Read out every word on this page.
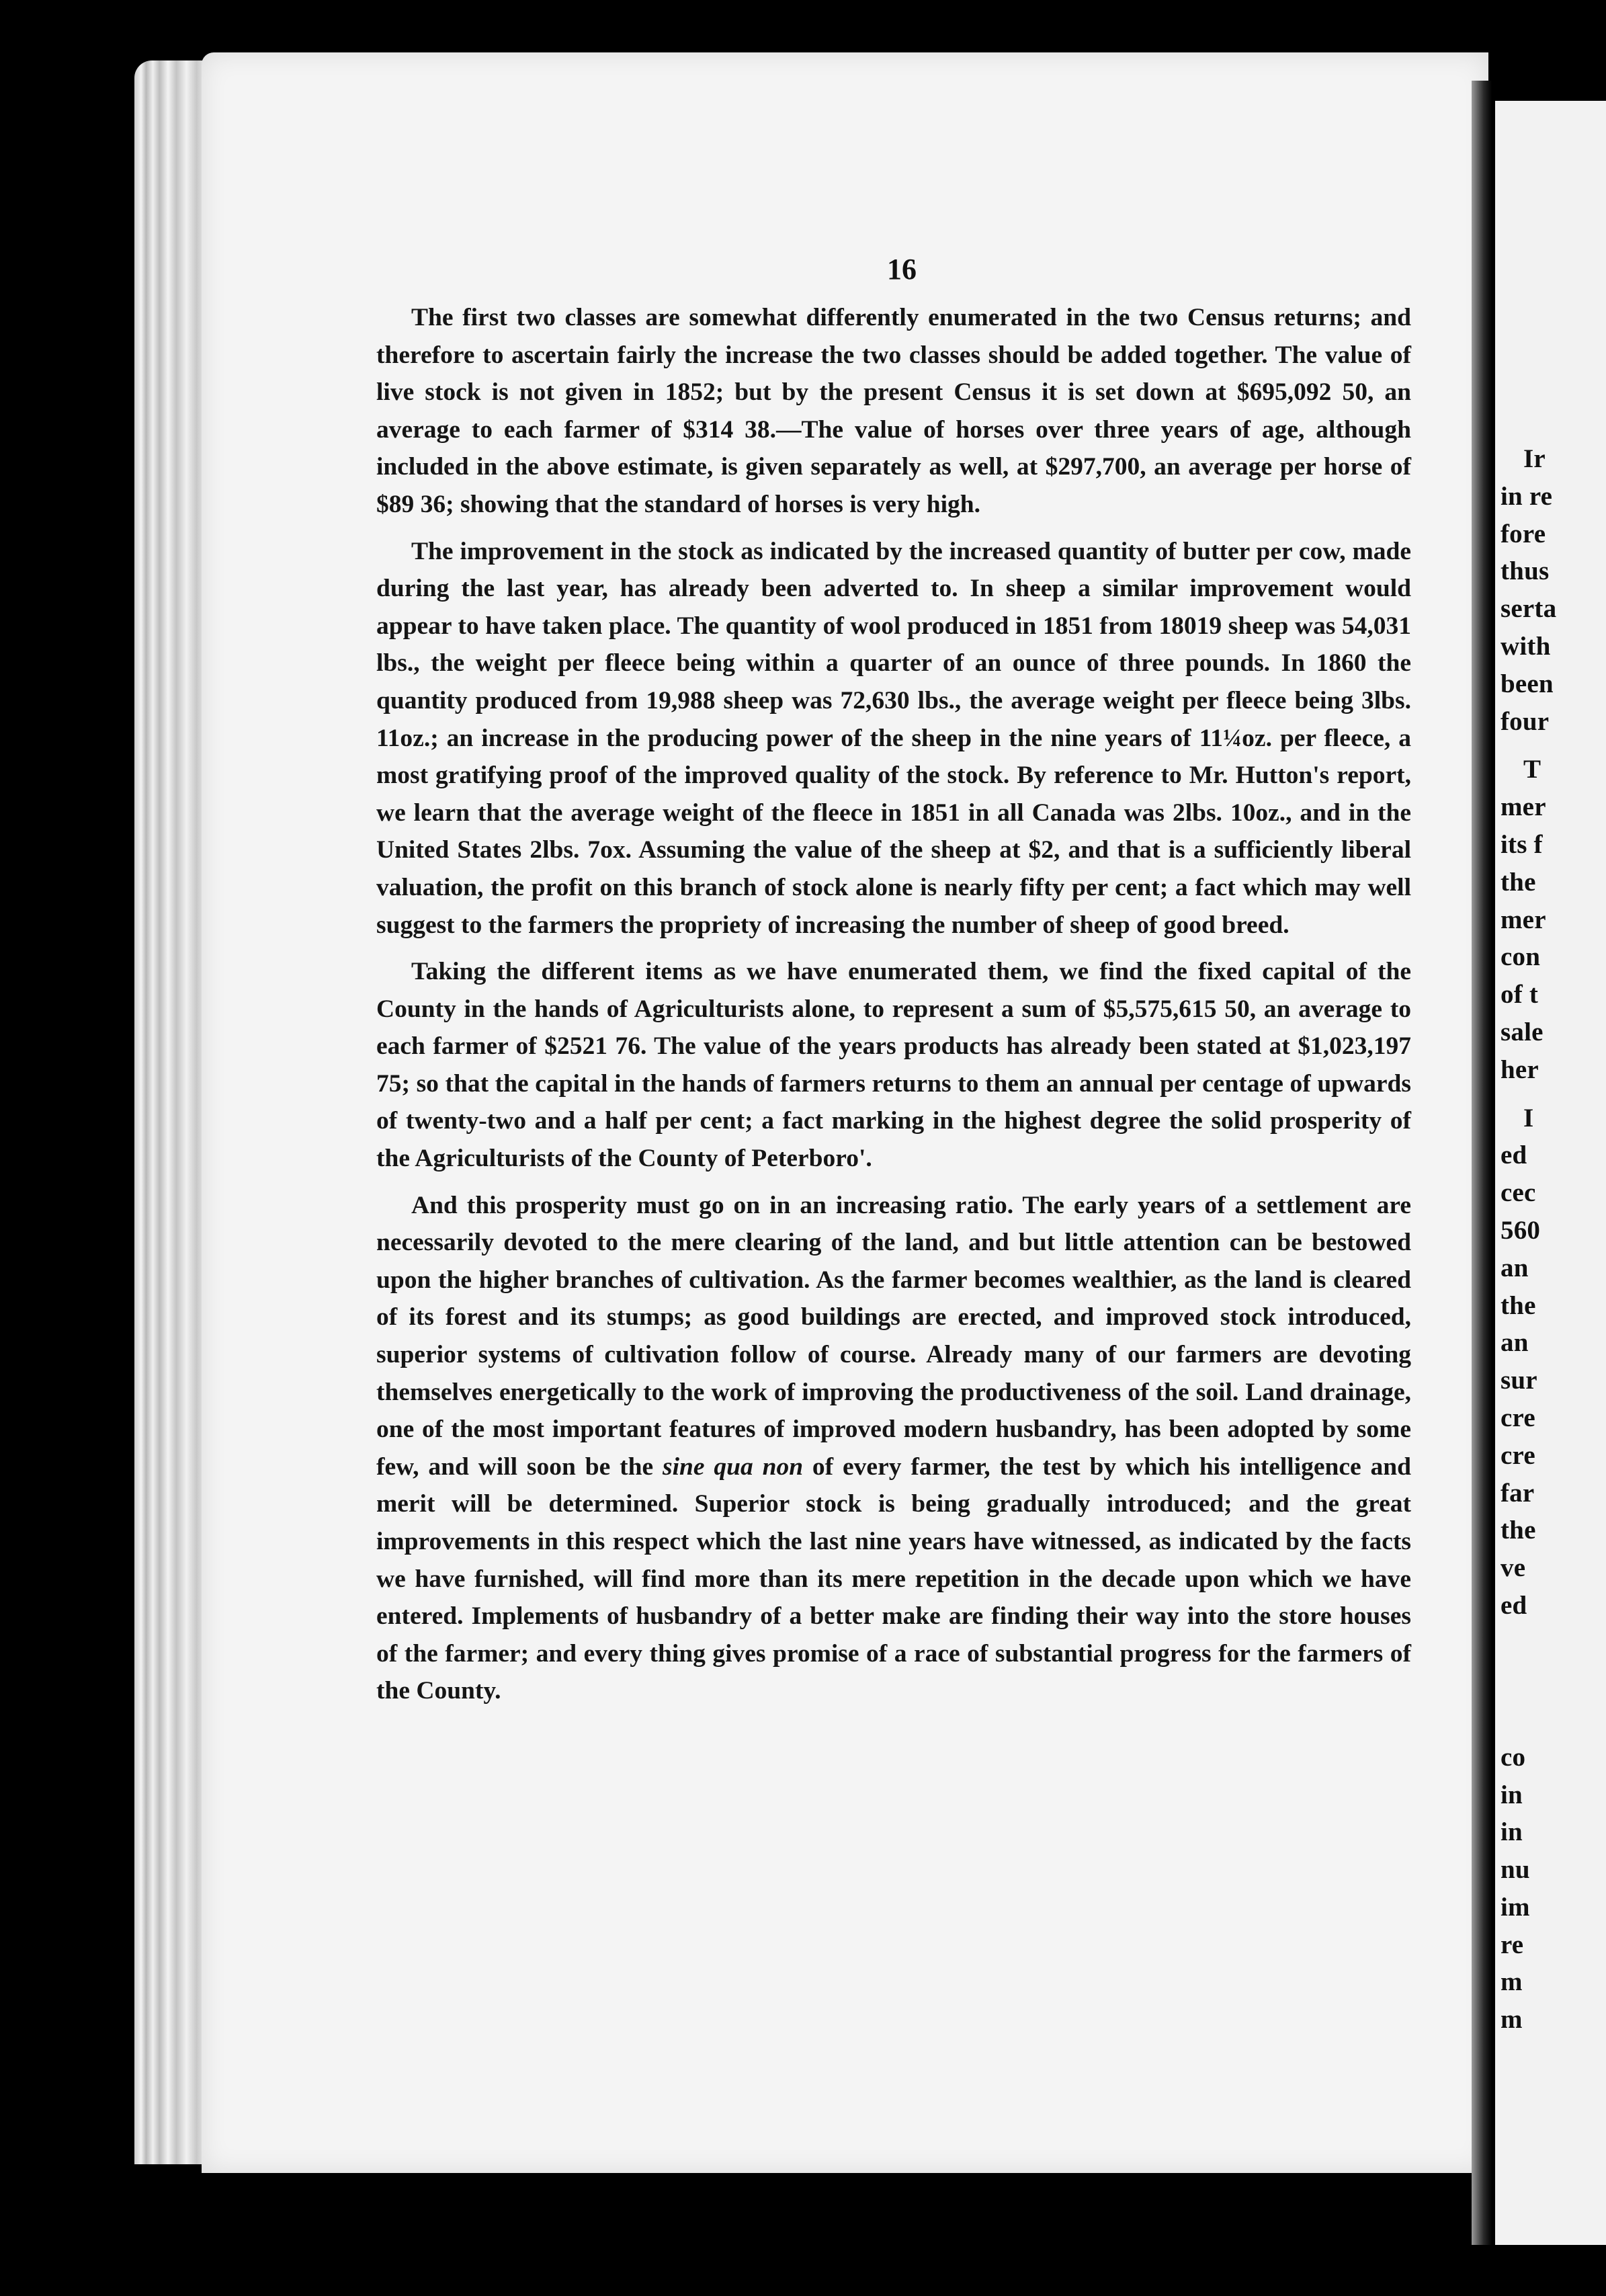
Ir
in re
fore
thus
serta
with
been
four
T
mer
its f
the
mer
con
of t
sale
her
I
ed
cec
560
an
the
an
sur
cre
cre
far
the
ve
ed
co
in
in
nu
im
re
m
m
16

The first two classes are somewhat differently enumerated in the two Census returns; and therefore to ascertain fairly the increase the two classes should be added together. The value of live stock is not given in 1852; but by the present Census it is set down at $695,092 50, an average to each farmer of $314 38.—The value of horses over three years of age, although included in the above estimate, is given separately as well, at $297,700, an average per horse of $89 36; showing that the standard of horses is very high.

The improvement in the stock as indicated by the increased quantity of butter per cow, made during the last year, has already been adverted to. In sheep a similar improvement would appear to have taken place. The quantity of wool produced in 1851 from 18019 sheep was 54,031 lbs., the weight per fleece being within a quarter of an ounce of three pounds. In 1860 the quantity produced from 19,988 sheep was 72,630 lbs., the average weight per fleece being 3lbs. 11oz.; an increase in the producing power of the sheep in the nine years of 11¼oz. per fleece, a most gratifying proof of the improved quality of the stock. By reference to Mr. Hutton's report, we learn that the average weight of the fleece in 1851 in all Canada was 2lbs. 10oz., and in the United States 2lbs. 7ox. Assuming the value of the sheep at $2, and that is a sufficiently liberal valuation, the profit on this branch of stock alone is nearly fifty per cent; a fact which may well suggest to the farmers the propriety of increasing the number of sheep of good breed.

Taking the different items as we have enumerated them, we find the fixed capital of the County in the hands of Agriculturists alone, to represent a sum of $5,575,615 50, an average to each farmer of $2521 76. The value of the years products has already been stated at $1,023,197 75; so that the capital in the hands of farmers returns to them an annual per centage of upwards of twenty-two and a half per cent; a fact marking in the highest degree the solid prosperity of the Agriculturists of the County of Peterboro'.

And this prosperity must go on in an increasing ratio. The early years of a settlement are necessarily devoted to the mere clearing of the land, and but little attention can be bestowed upon the higher branches of cultivation. As the farmer becomes wealthier, as the land is cleared of its forest and its stumps; as good buildings are erected, and improved stock introduced, superior systems of cultivation follow of course. Already many of our farmers are devoting themselves energetically to the work of improving the productiveness of the soil. Land drainage, one of the most important features of improved modern husbandry, has been adopted by some few, and will soon be the sine qua non of every farmer, the test by which his intelligence and merit will be determined. Superior stock is being gradually introduced; and the great improvements in this respect which the last nine years have witnessed, as indicated by the facts we have furnished, will find more than its mere repetition in the decade upon which we have entered. Implements of husbandry of a better make are finding their way into the store houses of the farmer; and every thing gives promise of a race of substantial progress for the farmers of the County.
